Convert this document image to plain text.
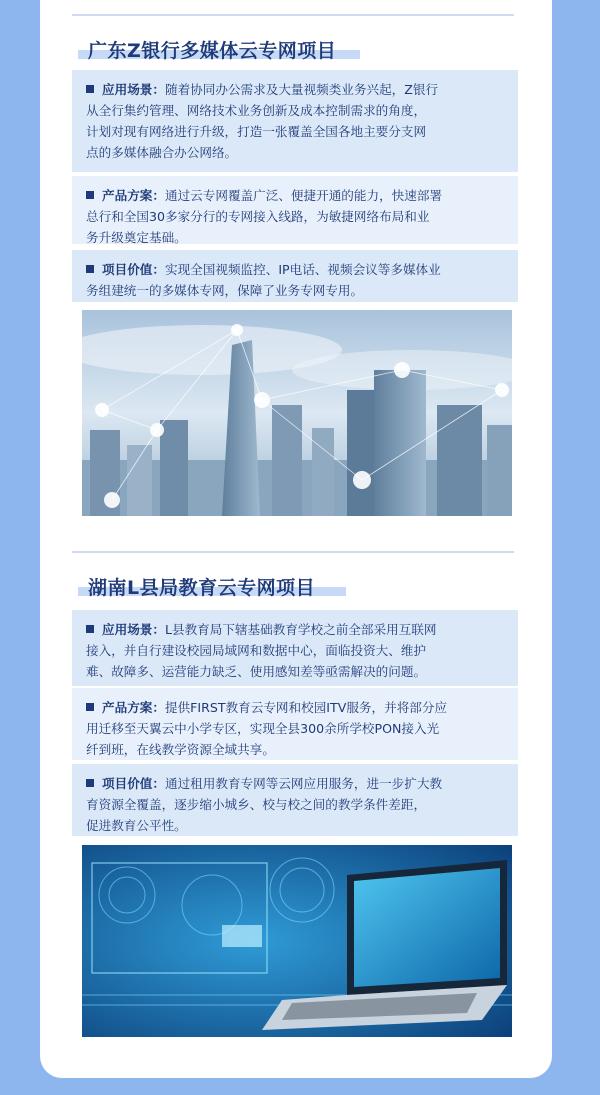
广东Z银行多媒体云专网项目
应用场景：随着协同办公需求及大量视频类业务兴起，Z银行
从全行集约管理、网络技术业务创新及成本控制需求的角度，
计划对现有网络进行升级，打造一张覆盖全国各地主要分支网
点的多媒体融合办公网络。
产品方案：通过云专网覆盖广泛、便捷开通的能力，快速部署
总行和全国30多家分行的专网接入线路，为敏捷网络布局和业
务升级奠定基础。
项目价值：实现全国视频监控、IP电话、视频会议等多媒体业
务组建统一的多媒体专网，保障了业务专网专用。
湖南L县局教育云专网项目
应用场景：L县教育局下辖基础教育学校之前全部采用互联网
接入，并自行建设校园局域网和数据中心，面临投资大、维护
难、故障多、运营能力缺乏、使用感知差等亟需解决的问题。
产品方案：提供FIRST教育云专网和校园ITV服务，并将部分应
用迁移至天翼云中小学专区，实现全县300余所学校PON接入光
纤到班，在线教学资源全域共享。
项目价值：通过租用教育专网等云网应用服务，进一步扩大教
育资源全覆盖，逐步缩小城乡、校与校之间的教学条件差距，
促进教育公平性。
